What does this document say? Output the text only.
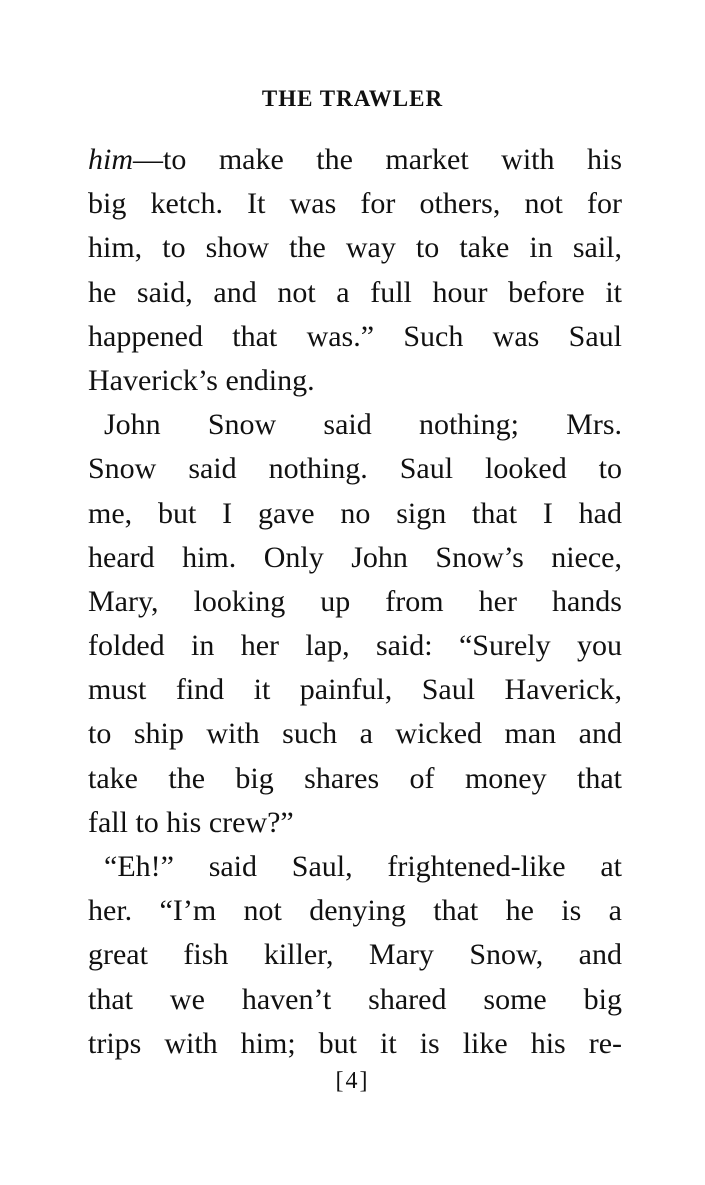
THE TRAWLER
him—to make the market with his
big ketch. It was for others, not for
him, to show the way to take in sail,
he said, and not a full hour before it
happened that was.” Such was Saul
Haverick’s ending.
John Snow said nothing; Mrs.
Snow said nothing. Saul looked to
me, but I gave no sign that I had
heard him. Only John Snow’s niece,
Mary, looking up from her hands
folded in her lap, said: “Surely you
must find it painful, Saul Haverick,
to ship with such a wicked man and
take the big shares of money that
fall to his crew?”
“Eh!” said Saul, frightened-like at
her. “I’m not denying that he is a
great fish killer, Mary Snow, and
that we haven’t shared some big
trips with him; but it is like his re-
[4]
